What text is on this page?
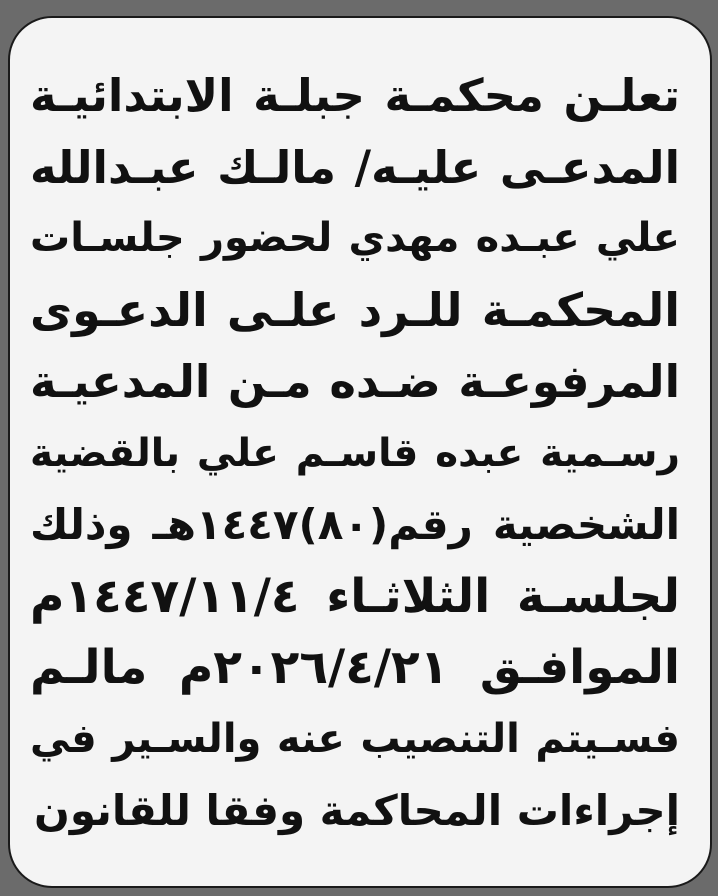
تعلـن محكمـة جبلـة الابتدائيـة
المدعـى عليـه/ مالـك عبـدالله
علي عبـده مهدي لحضور جلسـات
المحكمـة للـرد علـى الدعـوى
المرفوعـة ضـده مـن المدعيـة
رسـمية عبده قاسـم علي بالقضية
الشخصية رقم(٨٠)١٤٤٧هـ وذلك
لجلسـة الثلاثـاء ١٤٤٧/١١/٤م
الموافـق ٢٠٢٦/٤/٢١م مالـم
فسـيتم التنصيب عنه والسـير في
إجراءات المحاكمة وفقا للقانون
